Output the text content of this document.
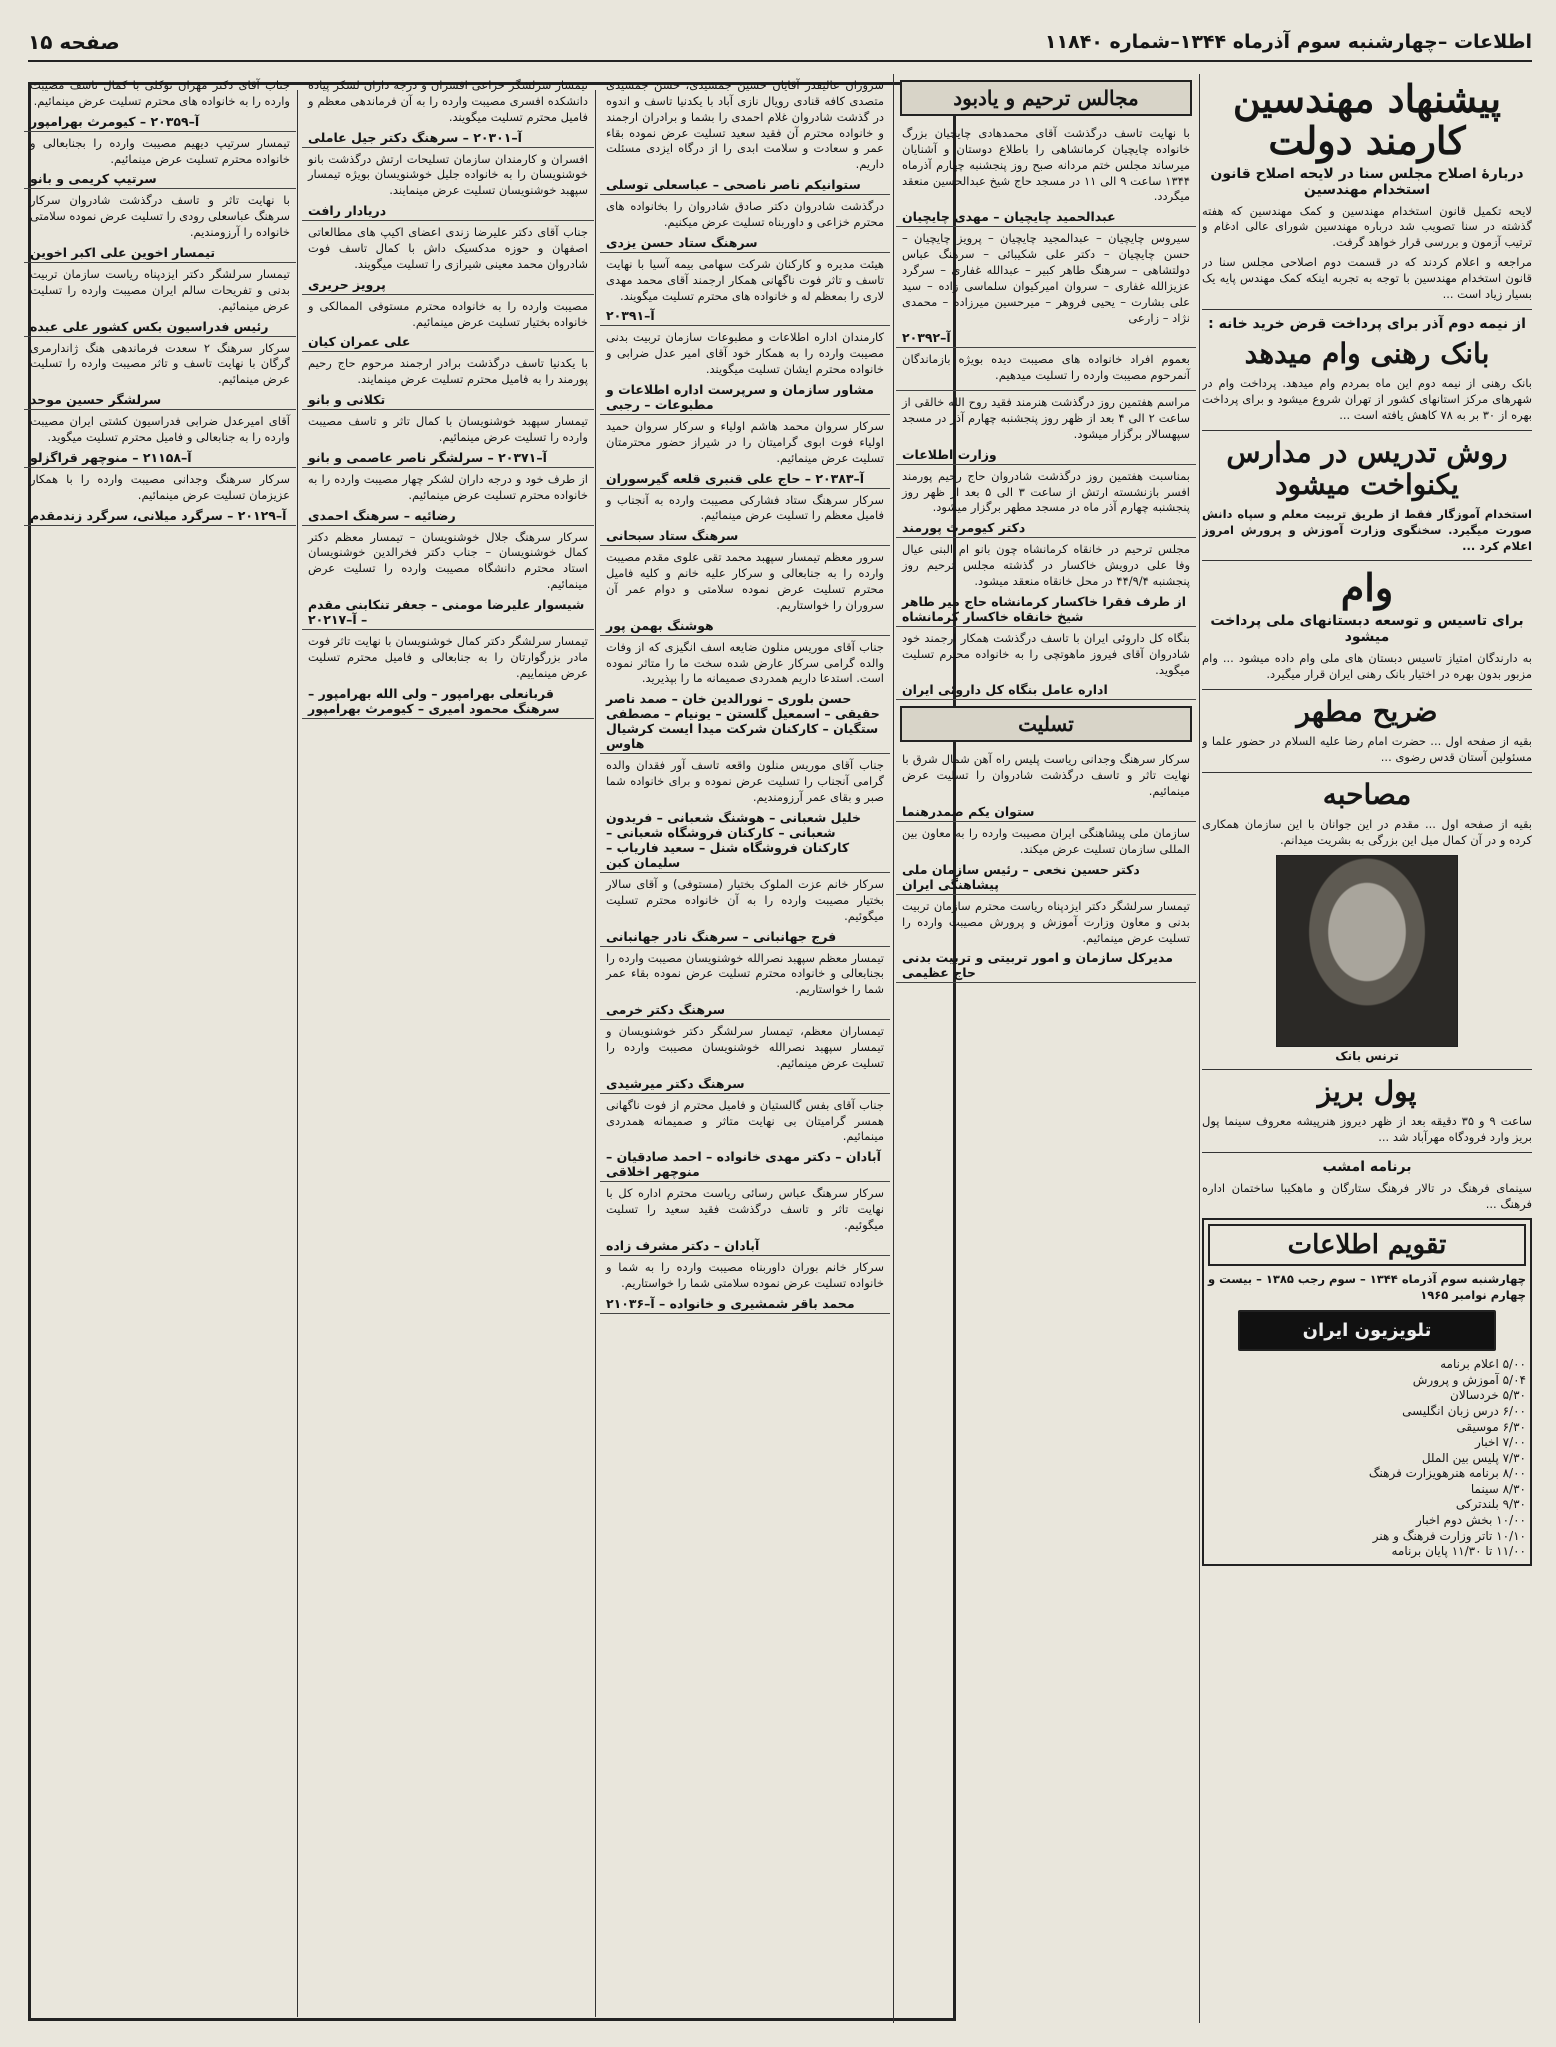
اطلاعات –چهارشنبه سوم آذرماه ۱۳۴۴–شماره ۱۱۸۴۰
صفحه ۱۵
پیشنهاد مهندسین کارمند دولت
دربارهٔ اصلاح مجلس سنا در لایحه اصلاح قانون استخدام مهندسین

لایحه تکمیل قانون استخدام مهندسین و کمک مهندسین که هفته گذشته در سنا تصویب شد درباره مهندسین شورای عالی ادغام و ترتیب آزمون و بررسی قرار خواهد گرفت.

مراجعه و اعلام کردند که در قسمت دوم اصلاحی مجلس سنا در قانون استخدام مهندسین با توجه به تجربه اینکه کمک مهندس پایه یک بسیار زیاد است ...

از نیمه دوم آذر برای پرداخت قرض خرید خانه :
بانک رهنی وام میدهد

بانک رهنی از نیمه دوم این ماه بمردم وام میدهد. پرداخت وام در شهرهای مرکز استانهای کشور از تهران شروع میشود و برای پرداخت بهره از ۳۰ بر به ۷۸ کاهش یافته است ...

روش تدریس در مدارس یکنواخت میشود

استخدام آموزگار فقط از طریق تربیت معلم و سپاه دانش صورت میگیرد. سخنگوی وزارت آموزش و پرورش امروز اعلام کرد ...

وام
برای تاسیس و توسعه دبستانهای ملی پرداخت میشود

به دارندگان امتیاز تاسیس دبستان های ملی وام داده میشود ... وام مزبور بدون بهره در اختیار بانک رهنی ایران قرار میگیرد.

ضریح مطهر

بقیه از صفحه اول ... حضرت امام رضا علیه السلام در حضور علما و مسئولین آستان قدس رضوی ...

مصاحبه

بقیه از صفحه اول ... مقدم در این جوانان با این سازمان همکاری کرده و در آن کمال میل این بزرگی به بشریت میدانم.

ترنس بانک
پول بریز

ساعت ۹ و ۳۵ دقیقه بعد از ظهر دیروز هنرپیشه معروف سینما پول بریز وارد فرودگاه مهرآباد شد ...

برنامه امشب

سینمای فرهنگ در تالار فرهنگ ستارگان و ماهکیبا ساختمان اداره فرهنگ ...

تقویم اطلاعات

چهارشنبه سوم آذرماه ۱۳۴۴ – سوم رجب ۱۳۸۵ – بیست و چهارم نوامبر ۱۹۶۵

تلویزیون ایران
۵/۰۰ اعلام برنامه
۵/۰۴ آموزش و پرورش
۵/۳۰ خردسالان
۶/۰۰ درس زبان انگلیسی
۶/۳۰ موسیقی
۷/۰۰ اخبار
۷/۳۰ پلیس بین الملل
۸/۰۰ برنامه هنرهویزارت فرهنگ
۸/۳۰ سینما
۹/۳۰ بلندترکی
۱۰/۰۰ بخش دوم اخبار
۱۰/۱۰ تاتر وزارت فرهنگ و هنر
۱۱/۰۰ تا ۱۱/۳۰ پایان برنامه
مجالس ترحیم و یادبود

با نهایت تاسف درگذشت آقای محمدهادی چایچیان بزرگ خانواده چایچیان کرمانشاهی را باطلاع دوستان و آشنایان میرساند مجلس ختم مردانه صبح روز پنجشنبه چهارم آذرماه ۱۳۴۴ ساعت ۹ الی ۱۱ در مسجد حاج شیخ عبدالحسین منعقد میگردد.

عبدالحمید چایچیان – مهدی چایچیان

سیروس چایچیان – عبدالمجید چایچیان – پرویز چایچیان – حسن چایچیان – دکتر علی شکیبائی – سرهنگ عباس دولتشاهی – سرهنگ طاهر کبیر – عبدالله غفاری – سرگرد عزیزالله غفاری – سروان امیرکیوان سلماسی زاده – سید علی بشارت – یحیی فروهر – میرحسین میرزاده – محمدی نژاد – زارعی

آ–۲۰۳۹۲

بعموم افراد خانواده های مصیبت دیده بویژه بازماندگان آنمرحوم مصیبت وارده را تسلیت میدهیم.

مراسم هفتمین روز درگذشت هنرمند فقید روح الله خالقی از ساعت ۲ الی ۴ بعد از ظهر روز پنجشنبه چهارم آذر در مسجد سپهسالار برگزار میشود.

وزارت اطلاعات

بمناسبت هفتمین روز درگذشت شادروان حاج رحیم پورمند افسر بازنشسته ارتش از ساعت ۳ الی ۵ بعد از ظهر روز پنجشنبه چهارم آذر ماه در مسجد مطهر برگزار میشود.

دکتر کیومرث پورمند

مجلس ترحیم در خانقاه کرمانشاه چون بانو ام البنی عیال وفا علی درویش خاکسار در گذشته مجلس ترحیم روز پنجشنبه ۴۴/۹/۴ در محل خانقاه منعقد میشود.

از طرف فقرا خاکسار کرمانشاه حاج میر طاهر شیخ خانقاه خاکسار کرمانشاه

بنگاه کل داروئی ایران با تاسف درگذشت همکار ارجمند خود شادروان آقای فیروز ماهوتچی را به خانواده محترم تسلیت میگوید.

اداره عامل بنگاه کل داروئی ایران
تسلیت

سرکار سرهنگ وجدانی ریاست پلیس راه آهن شمال شرق با نهایت تاثر و تاسف درگذشت شادروان را تسلیت عرض مینمائیم.

ستوان یکم صمدرهنما

سازمان ملی پیشاهنگی ایران مصیبت وارده را به معاون بین المللی سازمان تسلیت عرض میکند.

دکتر حسین نخعی – رئیس سازمان ملی پیشاهنگی ایران

تیمسار سرلشگر دکتر ایزدپناه ریاست محترم سازمان تربیت بدنی و معاون وزارت آموزش و پرورش مصیبت وارده را تسلیت عرض مینمائیم.

مدیرکل سازمان و امور تربیتی و تربیت بدنی حاج عظیمی

سروران عالیقدر آقایان حسین جمشیدی، حسن جمشیدی متصدی کافه قنادی رویال نازی آباد با یکدنیا تاسف و اندوه در گذشت شادروان غلام احمدی را بشما و برادران ارجمند و خانواده محترم آن فقید سعید تسلیت عرض نموده بقاء عمر و سعادت و سلامت ابدی را از درگاه ایزدی مسئلت داریم.

ستوانیکم ناصر ناصحی – عباسعلی توسلی

درگذشت شادروان دکتر صادق شادروان را بخانواده های محترم خزاعی و داوربناه تسلیت عرض میکنیم.

سرهنگ ستاد حسن یزدی

هیئت مدیره و کارکنان شرکت سهامی بیمه آسیا با نهایت تاسف و تاثر فوت ناگهانی همکار ارجمند آقای محمد مهدی لاری را بمعظم له و خانواده های محترم تسلیت میگویند.

آ–۲۰۳۹۱

کارمندان اداره اطلاعات و مطبوعات سازمان تربیت بدنی مصیبت وارده را به همکار خود آقای امیر عدل ضرابی و خانواده محترم ایشان تسلیت میگویند.

مشاور سازمان و سرپرست اداره اطلاعات و مطبوعات – رجبی

سرکار سروان محمد هاشم اولیاء و سرکار سروان حمید اولیاء فوت ابوی گرامیتان را در شیراز حضور محترمتان تسلیت عرض مینمائیم.

آ–۲۰۳۸۳ – حاج علی قنبری قلعه گیرسوران

سرکار سرهنگ ستاد فشارکی مصیبت وارده به آنجناب و فامیل معظم را تسلیت عرض مینمائیم.

سرهنگ ستاد سبحانی

سرور معظم تیمسار سپهبد محمد تقی علوی مقدم مصیبت وارده را به جنابعالی و سرکار علیه خانم و کلیه فامیل محترم تسلیت عرض نموده سلامتی و دوام عمر آن سروران را خواستاریم.

هوشنگ بهمن پور

جناب آقای موریس منلون ضایعه اسف انگیزی که از وفات والده گرامی سرکار عارض شده سخت ما را متاثر نموده است. استدعا داریم همدردی صمیمانه ما را بپذیرید.

حسن بلوری – نورالدین خان – صمد ناصر حقیقی – اسمعیل گلستن – یونیام – مصطفی ستگیان – کارکنان شرکت میدا ایست کرشیال هاوس

جناب آقای موریس منلون واقعه تاسف آور فقدان والده گرامی آنجناب را تسلیت عرض نموده و برای خانواده شما صبر و بقای عمر آرزومندیم.

خلیل شعبانی – هوشنگ شعبانی – فریدون شعبانی – کارکنان فروشگاه شعبانی – کارکنان فروشگاه شنل – سعید فاریاب – سلیمان کبن

سرکار خانم عزت الملوک بختیار (مستوفی) و آقای سالار بختیار مصیبت وارده را به آن خانواده محترم تسلیت میگوئیم.

فرج جهانبانی – سرهنگ نادر جهانبانی

تیمسار معظم سپهبد نصرالله خوشنویسان مصیبت وارده را بجنابعالی و خانواده محترم تسلیت عرض نموده بقاء عمر شما را خواستاریم.

سرهنگ دکتر خرمی

تیمساران معظم، تیمسار سرلشگر دکتر خوشنویسان و تیمسار سپهبد نصرالله خوشنویسان مصیبت وارده را تسلیت عرض مینمائیم.

سرهنگ دکتر میرشیدی

جناب آقای بفس گالستیان و فامیل محترم از فوت ناگهانی همسر گرامیتان بی نهایت متاثر و صمیمانه همدردی مینمائیم.

آبادان – دکتر مهدی خانواده – احمد صادقیان – منوچهر اخلاقی

سرکار سرهنگ عباس رسائی ریاست محترم اداره کل با نهایت تاثر و تاسف درگذشت فقید سعید را تسلیت میگوئیم.

آبادان – دکتر مشرف زاده

سرکار خانم بوران داوربناه مصیبت وارده را به شما و خانواده تسلیت عرض نموده سلامتی شما را خواستاریم.

محمد باقر شمشیری و خانواده – آ–۲۱۰۳۶

تیمسار سرلشگر خزاعی افسران و درجه داران لشکر پیاده دانشکده افسری مصیبت وارده را به آن فرماندهی معظم و فامیل محترم تسلیت میگویند.

آ–۲۰۳۰۱ – سرهنگ دکتر جیل عاملی

افسران و کارمندان سازمان تسلیحات ارتش درگذشت بانو خوشنویسان را به خانواده جلیل خوشنویسان بویژه تیمسار سپهبد خوشنویسان تسلیت عرض مینمایند.

دریادار رافت

جناب آقای دکتر علیرضا زندی اعضای اکیپ های مطالعاتی اصفهان و حوزه مدکسیک داش با کمال تاسف فوت شادروان محمد معینی شیرازی را تسلیت میگویند.

پرویز حریری

مصیبت وارده را به خانواده محترم مستوفی الممالکی و خانواده بختیار تسلیت عرض مینمائیم.

علی عمران کیان

با یکدنیا تاسف درگذشت برادر ارجمند مرحوم حاج رحیم پورمند را به فامیل محترم تسلیت عرض مینمایند.

تکلانی و بانو

تیمسار سپهبد خوشنویسان با کمال تاثر و تاسف مصیبت وارده را تسلیت عرض مینمائیم.

آ–۲۰۳۷۱ – سرلشگر ناصر عاصمی و بانو

از طرف خود و درجه داران لشکر چهار مصیبت وارده را به خانواده محترم تسلیت عرض مینمائیم.

رضائیه – سرهنگ احمدی

سرکار سرهنگ جلال خوشنویسان – تیمسار معظم دکتر کمال خوشنویسان – جناب دکتر فخرالدین خوشنویسان استاد محترم دانشگاه مصیبت وارده را تسلیت عرض مینمائیم.

شیسوار علیرضا مومنی – جعفر تنکابنی مقدم – آ–۲۰۲۱۷

تیمسار سرلشگر دکتر کمال خوشنویسان با نهایت تاثر فوت مادر بزرگوارتان را به جنابعالی و فامیل محترم تسلیت عرض مینماییم.

قربانعلی بهرامپور – ولی الله بهرامپور – سرهنگ محمود امیری – کیومرث بهرامپور

جناب آقای دکتر مهران توکلی با کمال تاسف مصیبت وارده را به خانواده های محترم تسلیت عرض مینمائیم.

آ–۲۰۳۵۹ – کیومرث بهرامپور

تیمسار سرتیپ دیهیم مصیبت وارده را بجنابعالی و خانواده محترم تسلیت عرض مینمائیم.

سرتیپ کریمی و بانو

با نهایت تاثر و تاسف درگذشت شادروان سرکار سرهنگ عباسعلی رودی را تسلیت عرض نموده سلامتی خانواده را آرزومندیم.

تیمسار اخوین علی اکبر اخوین

تیمسار سرلشگر دکتر ایزدپناه ریاست سازمان تربیت بدنی و تفریحات سالم ایران مصیبت وارده را تسلیت عرض مینمائیم.

رئیس فدراسیون بکس کشور علی عبده

سرکار سرهنگ ۲ سعدت فرماندهی هنگ ژاندارمری گرگان با نهایت تاسف و تاثر مصیبت وارده را تسلیت عرض مینمائیم.

سرلشگر حسین موحد

آقای امیرعدل ضرابی فدراسیون کشتی ایران مصیبت وارده را به جنابعالی و فامیل محترم تسلیت میگوید.

آ–۲۱۱۵۸ – منوچهر قراگزلو

سرکار سرهنگ وجدانی مصیبت وارده را با همکار عزیزمان تسلیت عرض مینمائیم.

آ–۲۰۱۲۹ – سرگرد میلانی، سرگرد زندمقدم
